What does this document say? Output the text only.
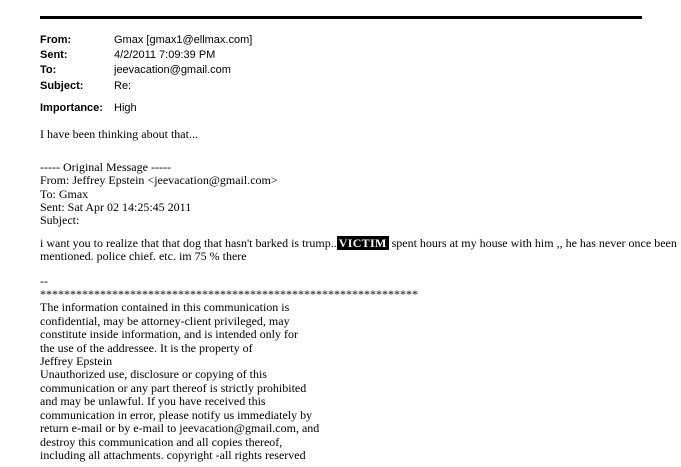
From:	Gmax [gmax1@ellmax.com]
Sent:	4/2/2011 7:09:39 PM
To:	jeevacation@gmail.com
Subject:	Re:
Importance:	High
I have been thinking about that...
----- Original Message -----
From: Jeffrey Epstein <jeevacation@gmail.com>
To: Gmax
Sent: Sat Apr 02 14:25:45 2011
Subject:
i want you to realize that that dog that hasn't barked is trump.. VICTIM spent hours at my house with him ,, he has never once been
mentioned. police chief. etc. im 75 % there
--
***************************************************************
The information contained in this communication is
confidential, may be attorney-client privileged, may
constitute inside information, and is intended only for
the use of the addressee. It is the property of
Jeffrey Epstein
Unauthorized use, disclosure or copying of this
communication or any part thereof is strictly prohibited
and may be unlawful. If you have received this
communication in error, please notify us immediately by
return e-mail or by e-mail to jeevacation@gmail.com, and
destroy this communication and all copies thereof,
including all attachments. copyright -all rights reserved
